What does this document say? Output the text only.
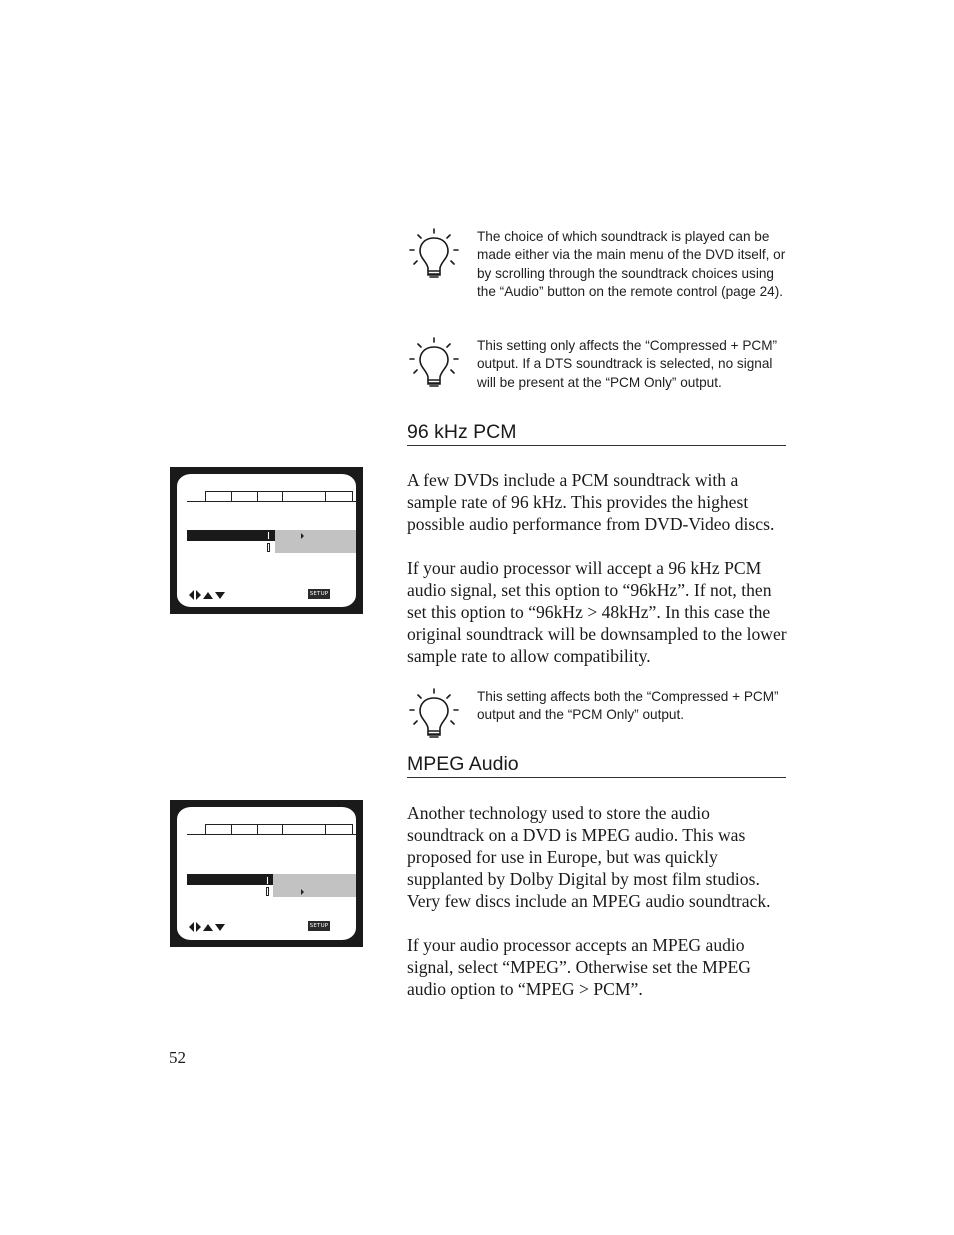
The choice of which soundtrack is played can be made either via the main menu of the DVD itself, or by scrolling through the soundtrack choices using the “Audio” button on the remote control (page 24).
This setting only affects the “Compressed + PCM” output. If a DTS soundtrack is selected, no signal will be present at the “PCM Only” output.
96 kHz PCM
SETUP
A few DVDs include a PCM soundtrack with a sample rate of 96 kHz. This provides the highest possible audio performance from DVD-Video discs.
If your audio processor will accept a 96 kHz PCM audio signal, set this option to “96kHz”. If not, then set this option to “96kHz > 48kHz”. In this case the original soundtrack will be downsampled to the lower sample rate to allow compatibility.
This setting affects both the “Compressed + PCM” output and the “PCM Only” output.
MPEG Audio
SETUP
Another technology used to store the audio soundtrack on a DVD is MPEG audio. This was proposed for use in Europe, but was quickly supplanted by Dolby Digital by most film studios. Very few discs include an MPEG audio soundtrack.
If your audio processor accepts an MPEG audio signal, select “MPEG”. Otherwise set the MPEG audio option to “MPEG > PCM”.
52
